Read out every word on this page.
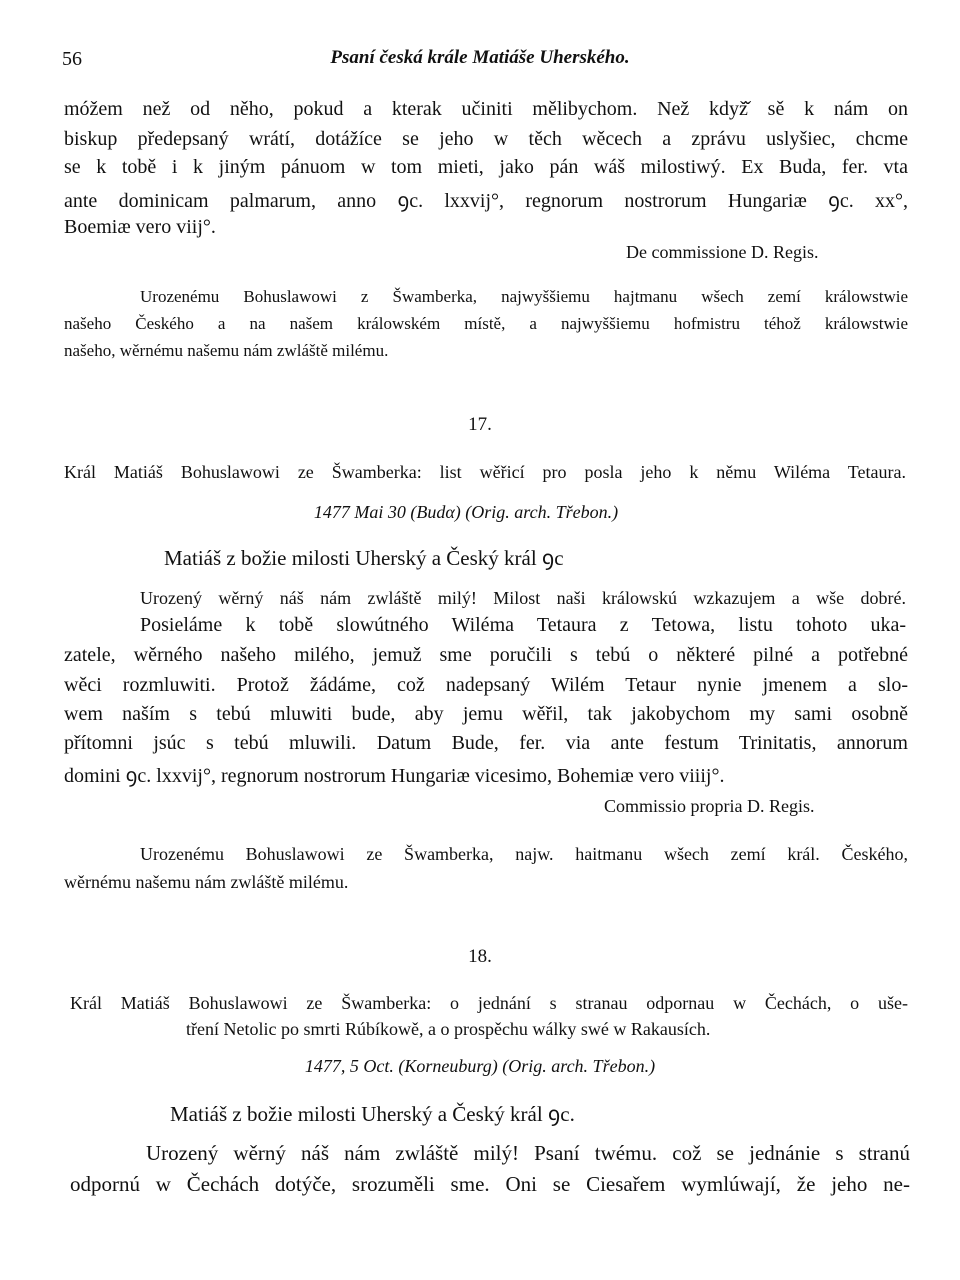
56	Psaní česká krále Matiáše Uherského.
móžem než od něho, pokud a kterak učiniti mělibychom. Než když̌ sě k nám on
biskup předepsaný wrátí, dotážíce se jeho w těch wěcech a zprávu uslyšiec, chcme
se k tobě i k jiným pánuom w tom mieti, jako pán wáš milostiwý. Ex Buda, fer. vta
ante dominicam palmarum, anno ꝯc. lxxvij°, regnorum nostrorum Hungariæ ꝯc. xx°,
Boemiæ vero viij°.
De commissione D. Regis.
Urozenému Bohuslawowi z Šwamberka, najwyššiemu hajtmanu wšech zemí králowstwie
našeho Českého a na našem králowském místě, a najwyššiemu hofmistru téhož králowstwie
našeho, wěrnému našemu nám zwláště milému.
17.
Král Matiáš Bohuslawowi ze Šwamberka: list wěřicí pro posla jeho k němu Wiléma Tetaura.
1477 Mai 30 (Budα) (Orig. arch. Třebon.)
Matiáš z božie milosti Uherský a Český král ꝯc
Urozený wěrný náš nám zwláště milý! Milost naši králowskú wzkazujem a wše dobré.
Posieláme k tobě slowútného Wiléma Tetaura z Tetowa, listu tohoto uka-
zatele, wěrného našeho milého, jemuž sme poručili s tebú o některé pilné a potřebné
wěci rozmluwiti. Protož žádáme, což nadepsaný Wilém Tetaur nynie jmenem a slo-
wem naším s tebú mluwiti bude, aby jemu wěřil, tak jakobychom my sami osobně
přítomni jsúc s tebú mluwili. Datum Bude, fer. via ante festum Trinitatis, annorum
domini ꝯc. lxxvij°, regnorum nostrorum Hungariæ vicesimo, Bohemiæ vero viiij°.
Commissio propria D. Regis.
Urozenému Bohuslawowi ze Šwamberka, najw. haitmanu wšech zemí král. Českého,
wěrnému našemu nám zwláště milému.
18.
Král Matiáš Bohuslawowi ze Šwamberka: o jednání s stranau odpornau w Čechách, o uše-
tření Netolic po smrti Rúbíkowě, a o prospěchu wálky swé w Rakausích.
1477, 5 Oct. (Korneuburg) (Orig. arch. Třebon.)
Matiáš z božie milosti Uherský a Český král ꝯc.
Urozený wěrný náš nám zwláště milý! Psaní twému. což se jednánie s stranú
odpornú w Čechách dotýče, srozuměli sme. Oni se Ciesařem wymlúwají, že jeho ne-
